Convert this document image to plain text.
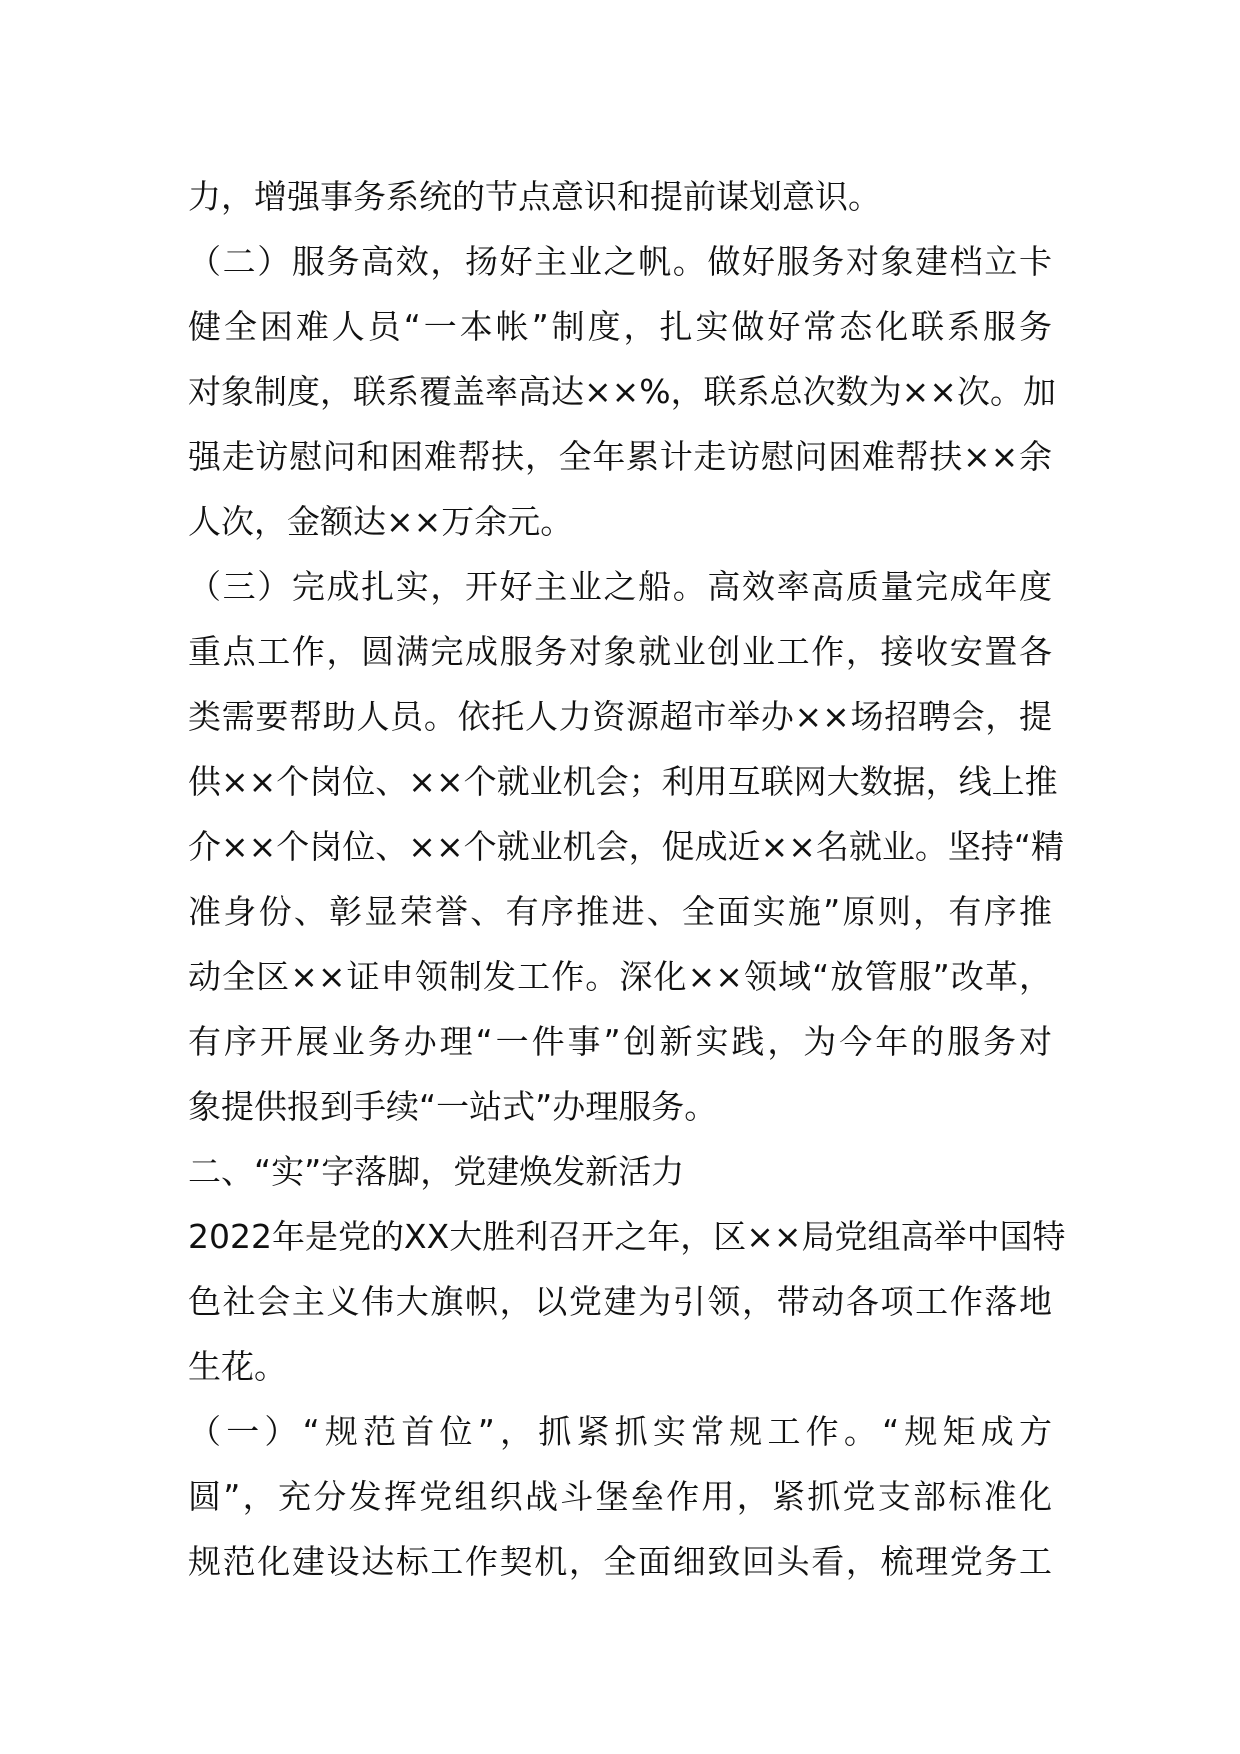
力，增强事务系统的节点意识和提前谋划意识。
（二）服务高效，扬好主业之帆。做好服务对象建档立卡
健全困难人员“一本帐”制度，扎实做好常态化联系服务
对象制度，联系覆盖率高达××%，联系总次数为××次。加
强走访慰问和困难帮扶，全年累计走访慰问困难帮扶××余
人次，金额达××万余元。
（三）完成扎实，开好主业之船。高效率高质量完成年度
重点工作，圆满完成服务对象就业创业工作，接收安置各
类需要帮助人员。依托人力资源超市举办××场招聘会，提
供××个岗位、××个就业机会；利用互联网大数据，线上推
介××个岗位、××个就业机会，促成近××名就业。坚持“精
准身份、彰显荣誉、有序推进、全面实施”原则，有序推
动全区××证申领制发工作。深化××领域“放管服”改革，
有序开展业务办理“一件事”创新实践，为今年的服务对
象提供报到手续“一站式”办理服务。
二、“实”字落脚，党建焕发新活力
2022年是党的XX大胜利召开之年，区××局党组高举中国特
色社会主义伟大旗帜，以党建为引领，带动各项工作落地
生花。
（一）“规范首位”，抓紧抓实常规工作。“规矩成方
圆”，充分发挥党组织战斗堡垒作用，紧抓党支部标准化
规范化建设达标工作契机，全面细致回头看，梳理党务工
